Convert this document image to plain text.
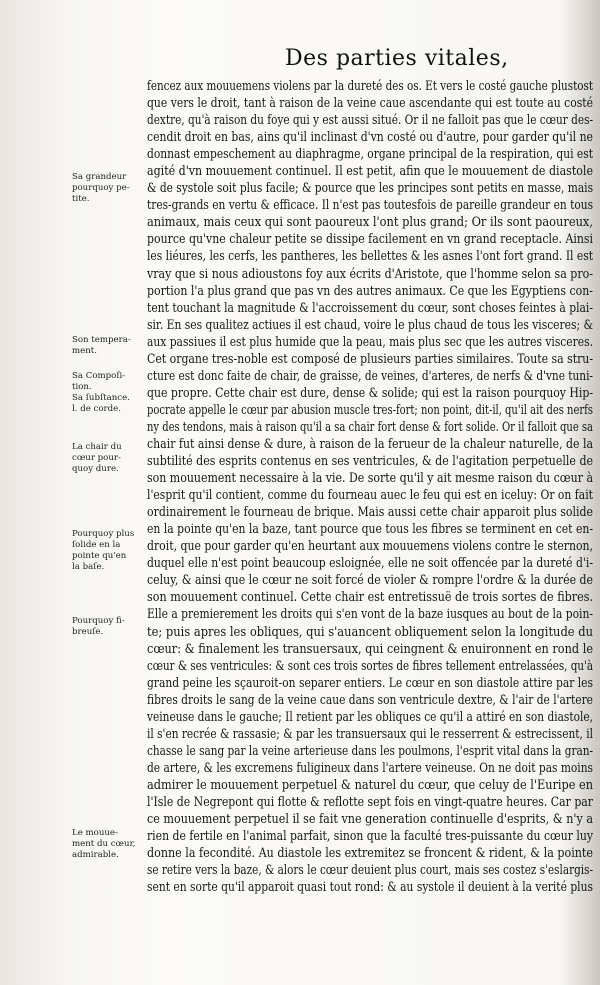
Des parties vitales,
fencez aux mouuemens violens par la dureté des os. Et vers le costé gauche plustost
que vers le droit, tant à raison de la veine caue ascendante qui est toute au costé
dextre, qu'à raison du foye qui y est aussi situé. Or il ne falloit pas que le cœur des-
cendit droit en bas, ains qu'il inclinast d'vn costé ou d'autre, pour garder qu'il ne
donnast empeschement au diaphragme, organe principal de la respiration, qui est
agité d'vn mouuement continuel. Il est petit, afin que le mouuement de diastole
& de systole soit plus facile; & pource que les principes sont petits en masse, mais
tres-grands en vertu & efficace. Il n'est pas toutesfois de pareille grandeur en tous
animaux, mais ceux qui sont paoureux l'ont plus grand; Or ils sont paoureux,
pource qu'vne chaleur petite se dissipe facilement en vn grand receptacle. Ainsi
les liéures, les cerfs, les pantheres, les bellettes & les asnes l'ont fort grand. Il est
vray que si nous adioustons foy aux écrits d'Aristote, que l'homme selon sa pro-
portion l'a plus grand que pas vn des autres animaux. Ce que les Egyptiens con-
tent touchant la magnitude & l'accroissement du cœur, sont choses feintes à plai-
sir. En ses qualitez actiues il est chaud, voire le plus chaud de tous les visceres; &
aux passiues il est plus humide que la peau, mais plus sec que les autres visceres.
Cet organe tres-noble est composé de plusieurs parties similaires. Toute sa stru-
cture est donc faite de chair, de graisse, de veines, d'arteres, de nerfs & d'vne tuni-
que propre. Cette chair est dure, dense & solide; qui est la raison pourquoy Hip-
pocrate appelle le cœur par abusion muscle tres-fort; non point, dit-il, qu'il ait des nerfs
ny des tendons, mais à raison qu'il a sa chair fort dense & fort solide. Or il falloit que sa
chair fut ainsi dense & dure, à raison de la ferueur de la chaleur naturelle, de la
subtilité des esprits contenus en ses ventricules, & de l'agitation perpetuelle de
son mouuement necessaire à la vie. De sorte qu'il y ait mesme raison du cœur à
l'esprit qu'il contient, comme du fourneau auec le feu qui est en iceluy: Or on fait
ordinairement le fourneau de brique. Mais aussi cette chair apparoit plus solide
en la pointe qu'en la baze, tant pource que tous les fibres se terminent en cet en-
droit, que pour garder qu'en heurtant aux mouuemens violens contre le sternon,
duquel elle n'est point beaucoup esloignée, elle ne soit offencée par la dureté d'i-
celuy, & ainsi que le cœur ne soit forcé de violer & rompre l'ordre & la durée de
son mouuement continuel. Cette chair est entretissuë de trois sortes de fibres.
Elle a premierement les droits qui s'en vont de la baze iusques au bout de la poin-
te; puis apres les obliques, qui s'auancent obliquement selon la longitude du
cœur: & finalement les transuersaux, qui ceingnent & enuironnent en rond le
cœur & ses ventricules: & sont ces trois sortes de fibres tellement entrelassées, qu'à
grand peine les sçauroit-on separer entiers. Le cœur en son diastole attire par les
fibres droits le sang de la veine caue dans son ventricule dextre, & l'air de l'artere
veineuse dans le gauche; Il retient par les obliques ce qu'il a attiré en son diastole,
il s'en recrée & rassasie; & par les transuersaux qui le resserrent & estrecissent, il
chasse le sang par la veine arterieuse dans les poulmons, l'esprit vital dans la gran-
de artere, & les excremens fuligineux dans l'artere veineuse. On ne doit pas moins
admirer le mouuement perpetuel & naturel du cœur, que celuy de l'Euripe en
l'Isle de Negrepont qui flotte & reflotte sept fois en vingt-quatre heures. Car par
ce mouuement perpetuel il se fait vne generation continuelle d'esprits, & n'y a
rien de fertile en l'animal parfait, sinon que la faculté tres-puissante du cœur luy
donne la fecondité. Au diastole les extremitez se froncent & rident, & la pointe
se retire vers la baze, & alors le cœur deuient plus court, mais ses costez s'eslargis-
sent en sorte qu'il apparoit quasi tout rond: & au systole il deuient à la verité plus
Sa grandeur
pourquoy pe-
tite.
Son tempera-
ment.
Sa Compoſi-
tion.
Sa ſubſtance.
l. de corde.
La chair du
cœur pour-
quoy dure.
Pourquoy plus
ſolide en la
pointe qu'en
la baſe.
Pourquoy fi-
breuſe.
Le mouue-
ment du cœur,
admirable.
